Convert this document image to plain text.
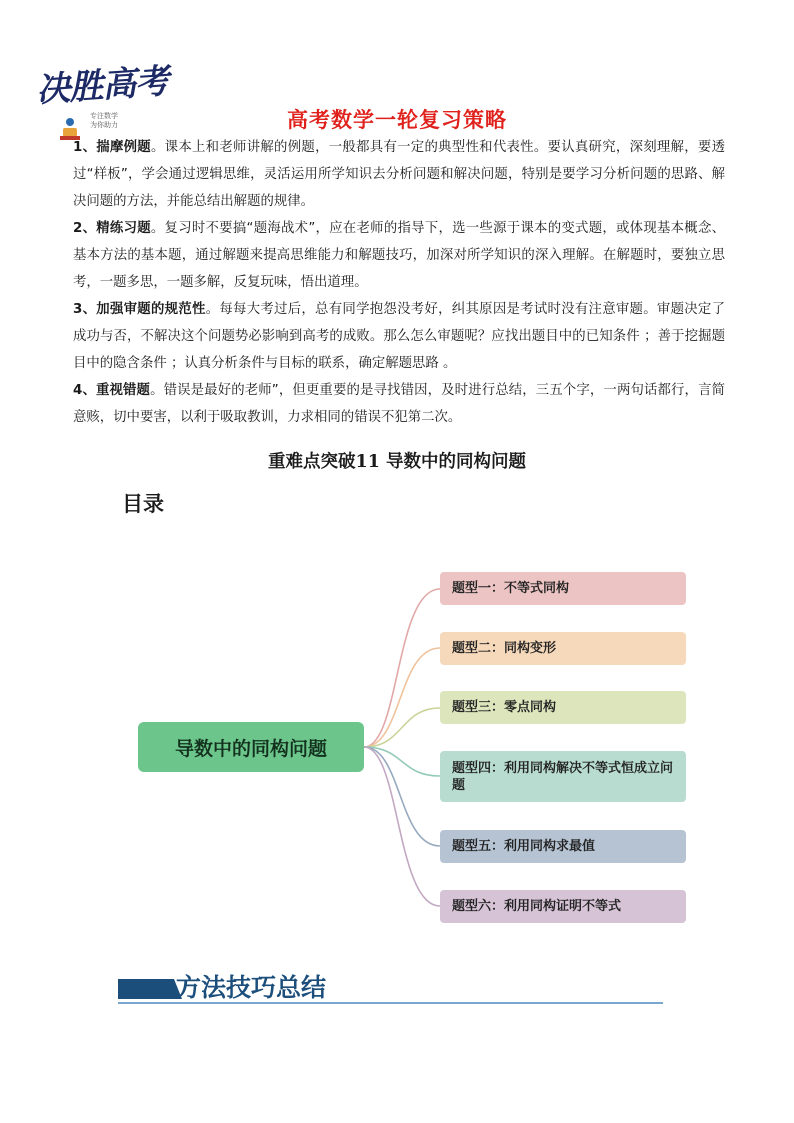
决胜高考
专注数学
为你助力	高考数学一轮复习策略

1、揣摩例题。课本上和老师讲解的例题，一般都具有一定的典型性和代表性。要认真研究，深刻理解，要透过“样板”，学会通过逻辑思维，灵活运用所学知识去分析问题和解决问题，特别是要学习分析问题的思路、解决问题的方法，并能总结出解题的规律。

2、精练习题。复习时不要搞“题海战术”，应在老师的指导下，选一些源于课本的变式题，或体现基本概念、基本方法的基本题，通过解题来提高思维能力和解题技巧，加深对所学知识的深入理解。在解题时，要独立思考，一题多思，一题多解，反复玩味，悟出道理。

3、加强审题的规范性。每每大考过后，总有同学抱怨没考好，纠其原因是考试时没有注意审题。审题决定了成功与否，不解决这个问题势必影响到高考的成败。那么怎么审题呢？应找出题目中的已知条件 ；善于挖掘题目中的隐含条件 ；认真分析条件与目标的联系，确定解题思路 。

4、重视错题。错误是最好的老师”，但更重要的是寻找错因，及时进行总结，三五个字，一两句话都行，言简意赅，切中要害，以利于吸取教训，力求相同的错误不犯第二次。

重难点突破11 导数中的同构问题
目录
导数中的同构问题
题型一：不等式同构
题型二：同构变形
题型三：零点同构
题型四：利用同构解决不等式恒成立问题
题型五：利用同构求最值
题型六：利用同构证明不等式
方法技巧总结
